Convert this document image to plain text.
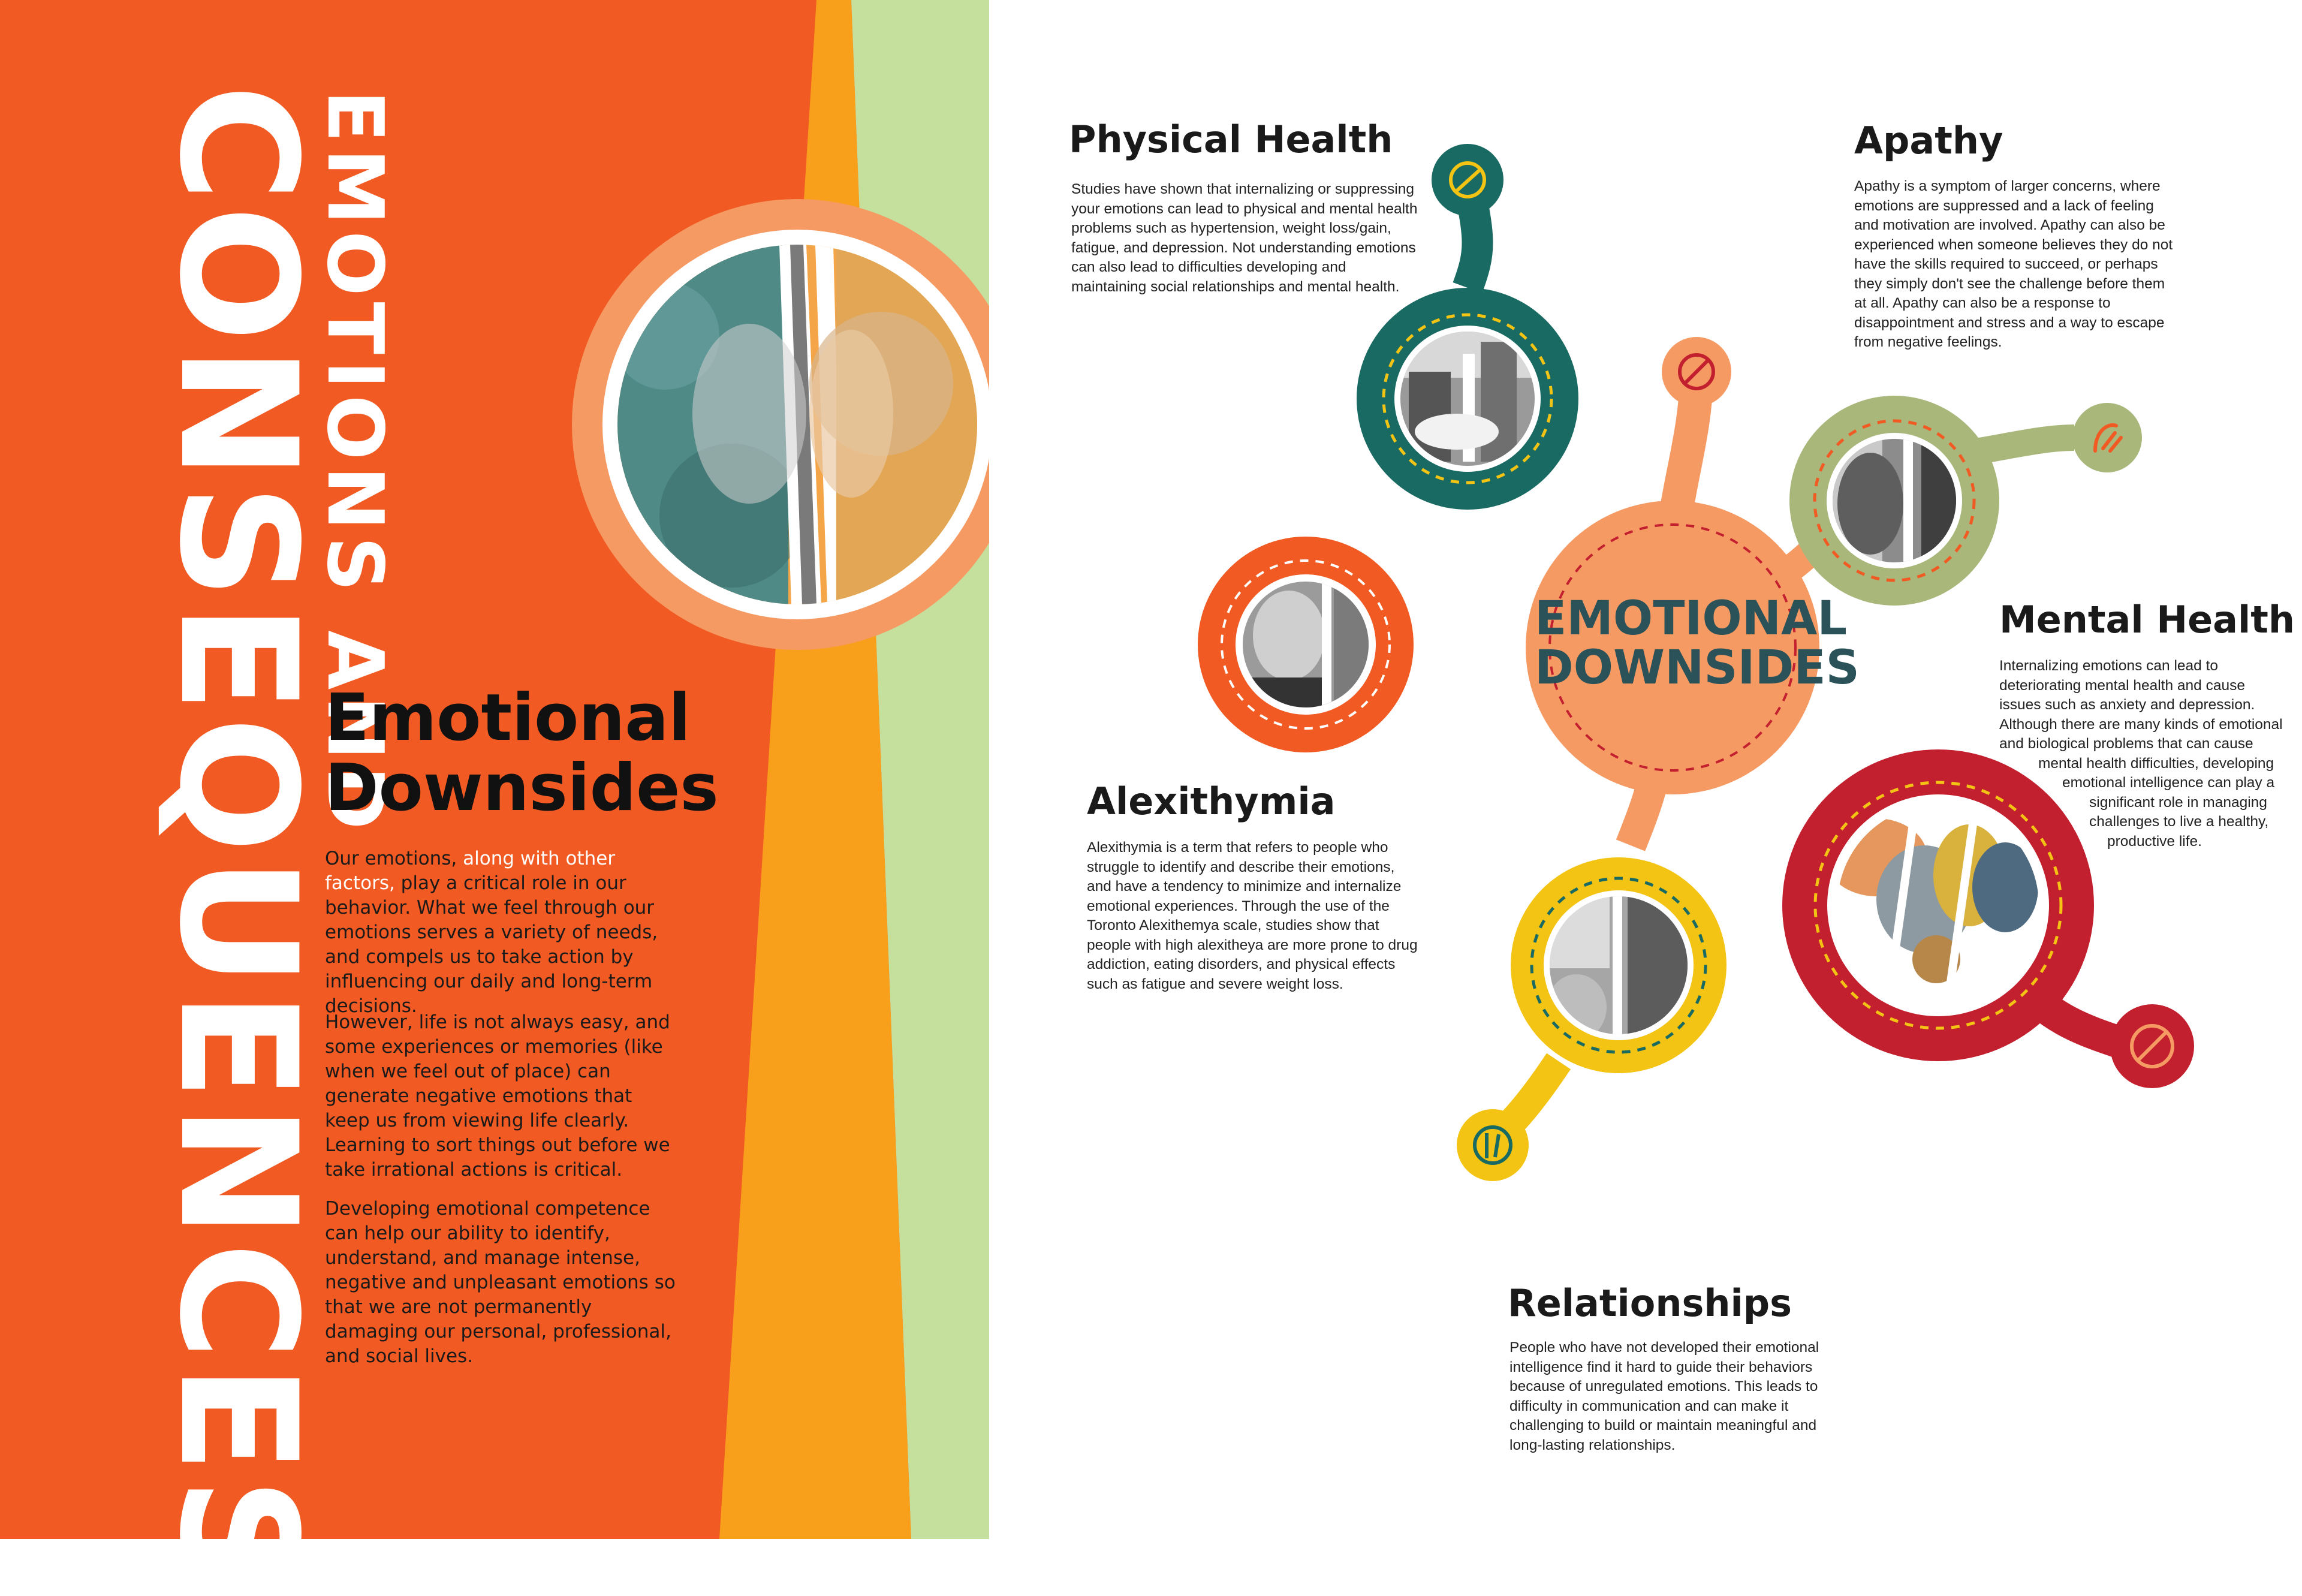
CONSEQUENCES
EMOTIONS AND
Emotional
Downsides

Our emotions, along with other factors, play a critical role in our behavior. What we feel through our emotions serves a variety of needs, and compels us to take action by influencing our daily and long-term decisions.

However, life is not always easy, and some experiences or memories (like when we feel out of place) can generate negative emotions that keep us from viewing life clearly. Learning to sort things out before we take irrational actions is critical.

Developing emotional competence can help our ability to identify, understand, and manage intense, negative and unpleasant emotions so that we are not permanently damaging our personal, professional, and social lives.

EMOTIONAL
DOWNSIDES
Physical Health

Studies have shown that internalizing or suppressing your emotions can lead to physical and mental health problems such as hypertension, weight loss/gain, fatigue, and depression. Not understanding emotions can also lead to difficulties developing and maintaining social relationships and mental health.

Apathy

Apathy is a symptom of larger concerns, where emotions are suppressed and a lack of feeling and motivation are involved. Apathy can also be experienced when someone believes they do not have the skills required to succeed, or perhaps they simply don't see the challenge before them at all. Apathy can also be a response to disappointment and stress and a way to escape from negative feelings.

Mental Health
Internalizing emotions can lead to
deteriorating mental health and cause
issues such as anxiety and depression.
Although there are many kinds of emotional
and biological problems that can cause
mental health difficulties, developing
emotional intelligence can play a
significant role in managing
challenges to live a healthy,
productive life.
Alexithymia

Alexithymia is a term that refers to people who struggle to identify and describe their emotions, and have a tendency to minimize and internalize emotional experiences. Through the use of the Toronto Alexithemya scale, studies show that people with high alexitheya are more prone to drug addiction, eating disorders, and physical effects such as fatigue and severe weight loss.

Relationships

People who have not developed their emotional intelligence find it hard to guide their behaviors because of unregulated emotions. This leads to difficulty in communication and can make it challenging to build or maintain meaningful and long-lasting relationships.
